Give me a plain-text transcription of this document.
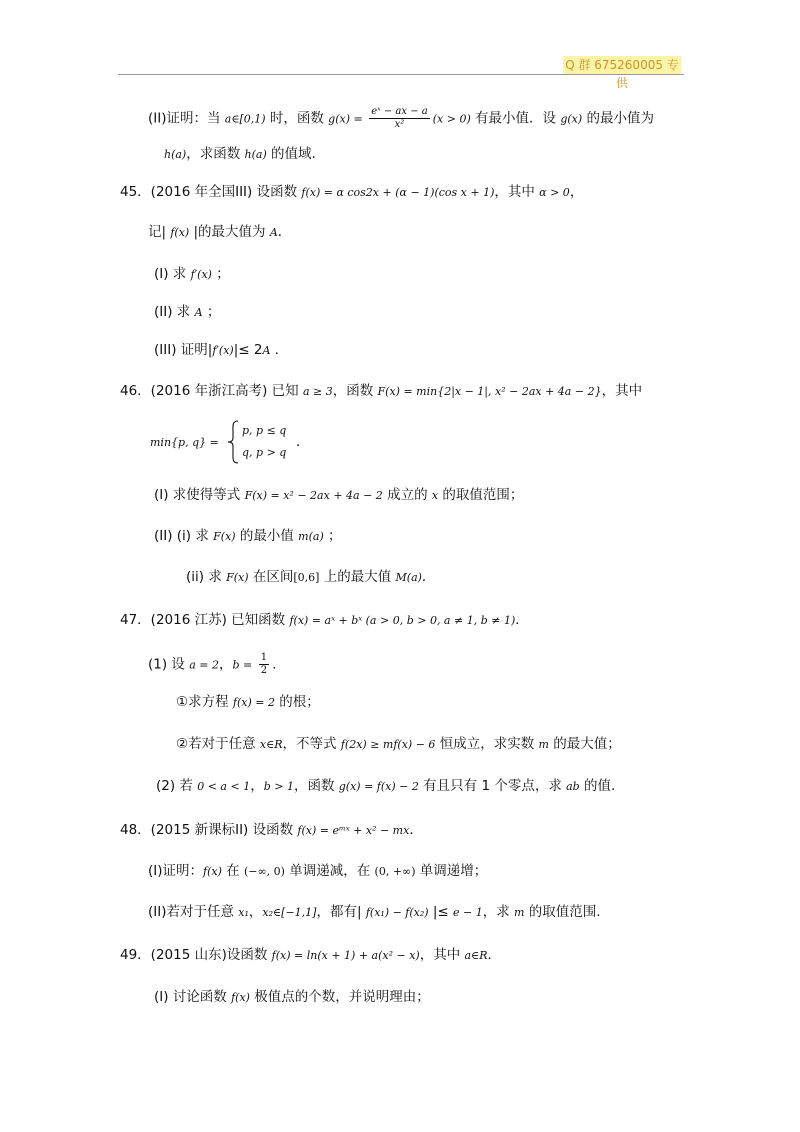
Q 群 675260005 专供
(II)证明：当 a∈[0,1) 时，函数 $g(x) = \frac{\text{eˣ − ax − a}}{\text{x²}} (x > 0)$ 有最小值．设 g(x) 的最小值为
h(a)，求函数 h(a) 的值域.
45．(2016 年全国III) 设函数 f(x) = α cos2x + (α − 1)(cos x + 1)，其中 α > 0，
记| f(x) |的最大值为 A．
(I) 求 f′(x) ；
(II) 求 A ；
(III) 证明|f′(x)|≤ 2A .
46．(2016 年浙江高考) 已知 a ≥ 3，函数 F(x) = min{2|x − 1|, x² − 2ax + 4a − 2}，其中
min{p, q} =
p, p ≤ q
q, p > q
．
(I) 求使得等式 F(x) = x² − 2ax + 4a − 2 成立的 x 的取值范围；
(II) (i) 求 F(x) 的最小值 m(a) ；
(ii) 求 F(x) 在区间[0,6] 上的最大值 M(a)．
47．(2016 江苏) 已知函数 f(x) = aˣ + bˣ (a > 0, b > 0, a ≠ 1, b ≠ 1)．
(1) 设 a = 2，$b = \frac{1}{2}$ .
①求方程 f(x) = 2 的根；
②若对于任意 x∈R，不等式 f(2x) ≥ mf(x) − 6 恒成立，求实数 m 的最大值；
(2) 若 0 < a < 1，b > 1，函数 g(x) = f(x) − 2 有且只有 1 个零点，求 ab 的值.
48．(2015 新课标II) 设函数 f(x) = eᵐˣ + x² − mx．
(I)证明：f(x) 在 (−∞, 0) 单调递减，在 (0, +∞) 单调递增；
(II)若对于任意 x₁，x₂∈[−1,1]，都有| f(x₁) − f(x₂) |≤ e − 1，求 m 的取值范围.
49．(2015 山东)设函数 f(x) = ln(x + 1) + a(x² − x)，其中 a∈R．
(I) 讨论函数 f(x) 极值点的个数，并说明理由；
